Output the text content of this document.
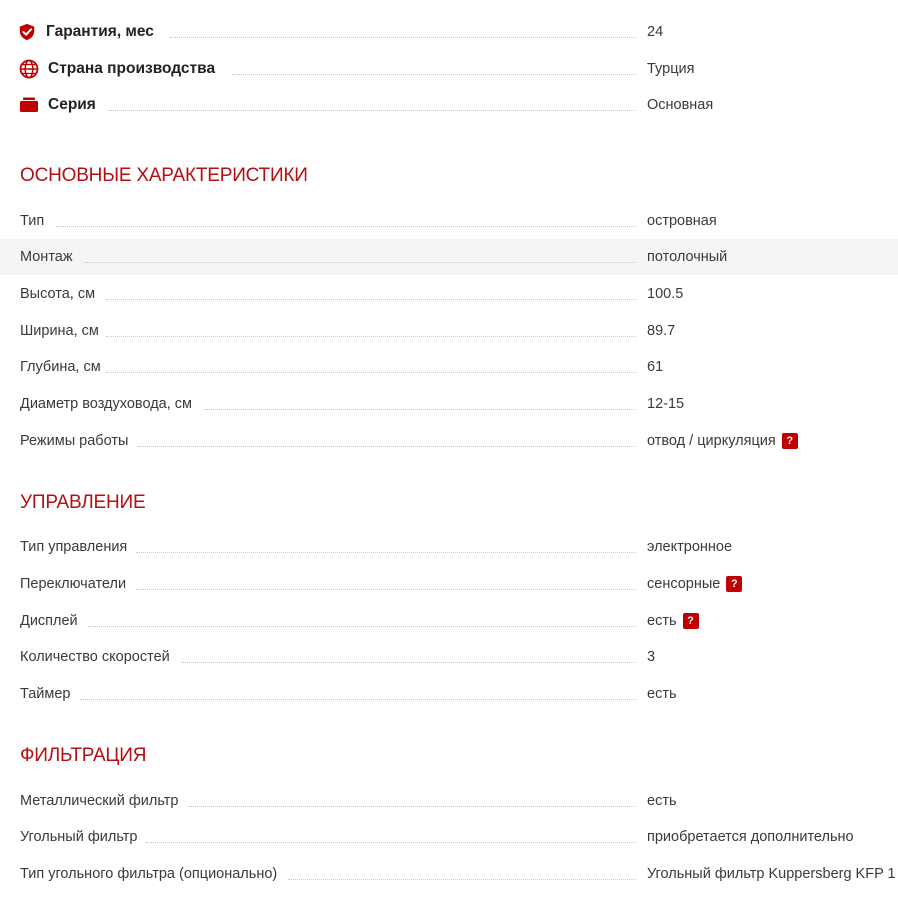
Гарантия, мес	24
Страна производства	Турция
Серия	Основная
ОСНОВНЫЕ ХАРАКТЕРИСТИКИ
Тип	островная
Монтаж	потолочный
Высота, см	100.5
Ширина, см	89.7
Глубина, см	61
Диаметр воздуховода, см	12-15
Режимы работы	отвод / циркуляция ?
УПРАВЛЕНИЕ
Тип управления	электронное
Переключатели	сенсорные ?
Дисплей	есть ?
Количество скоростей	3
Таймер	есть
ФИЛЬТРАЦИЯ
Металлический фильтр	есть
Угольный фильтр	приобретается дополнительно
Тип угольного фильтра (опционально)	Угольный фильтр Kuppersberg KFP 1
